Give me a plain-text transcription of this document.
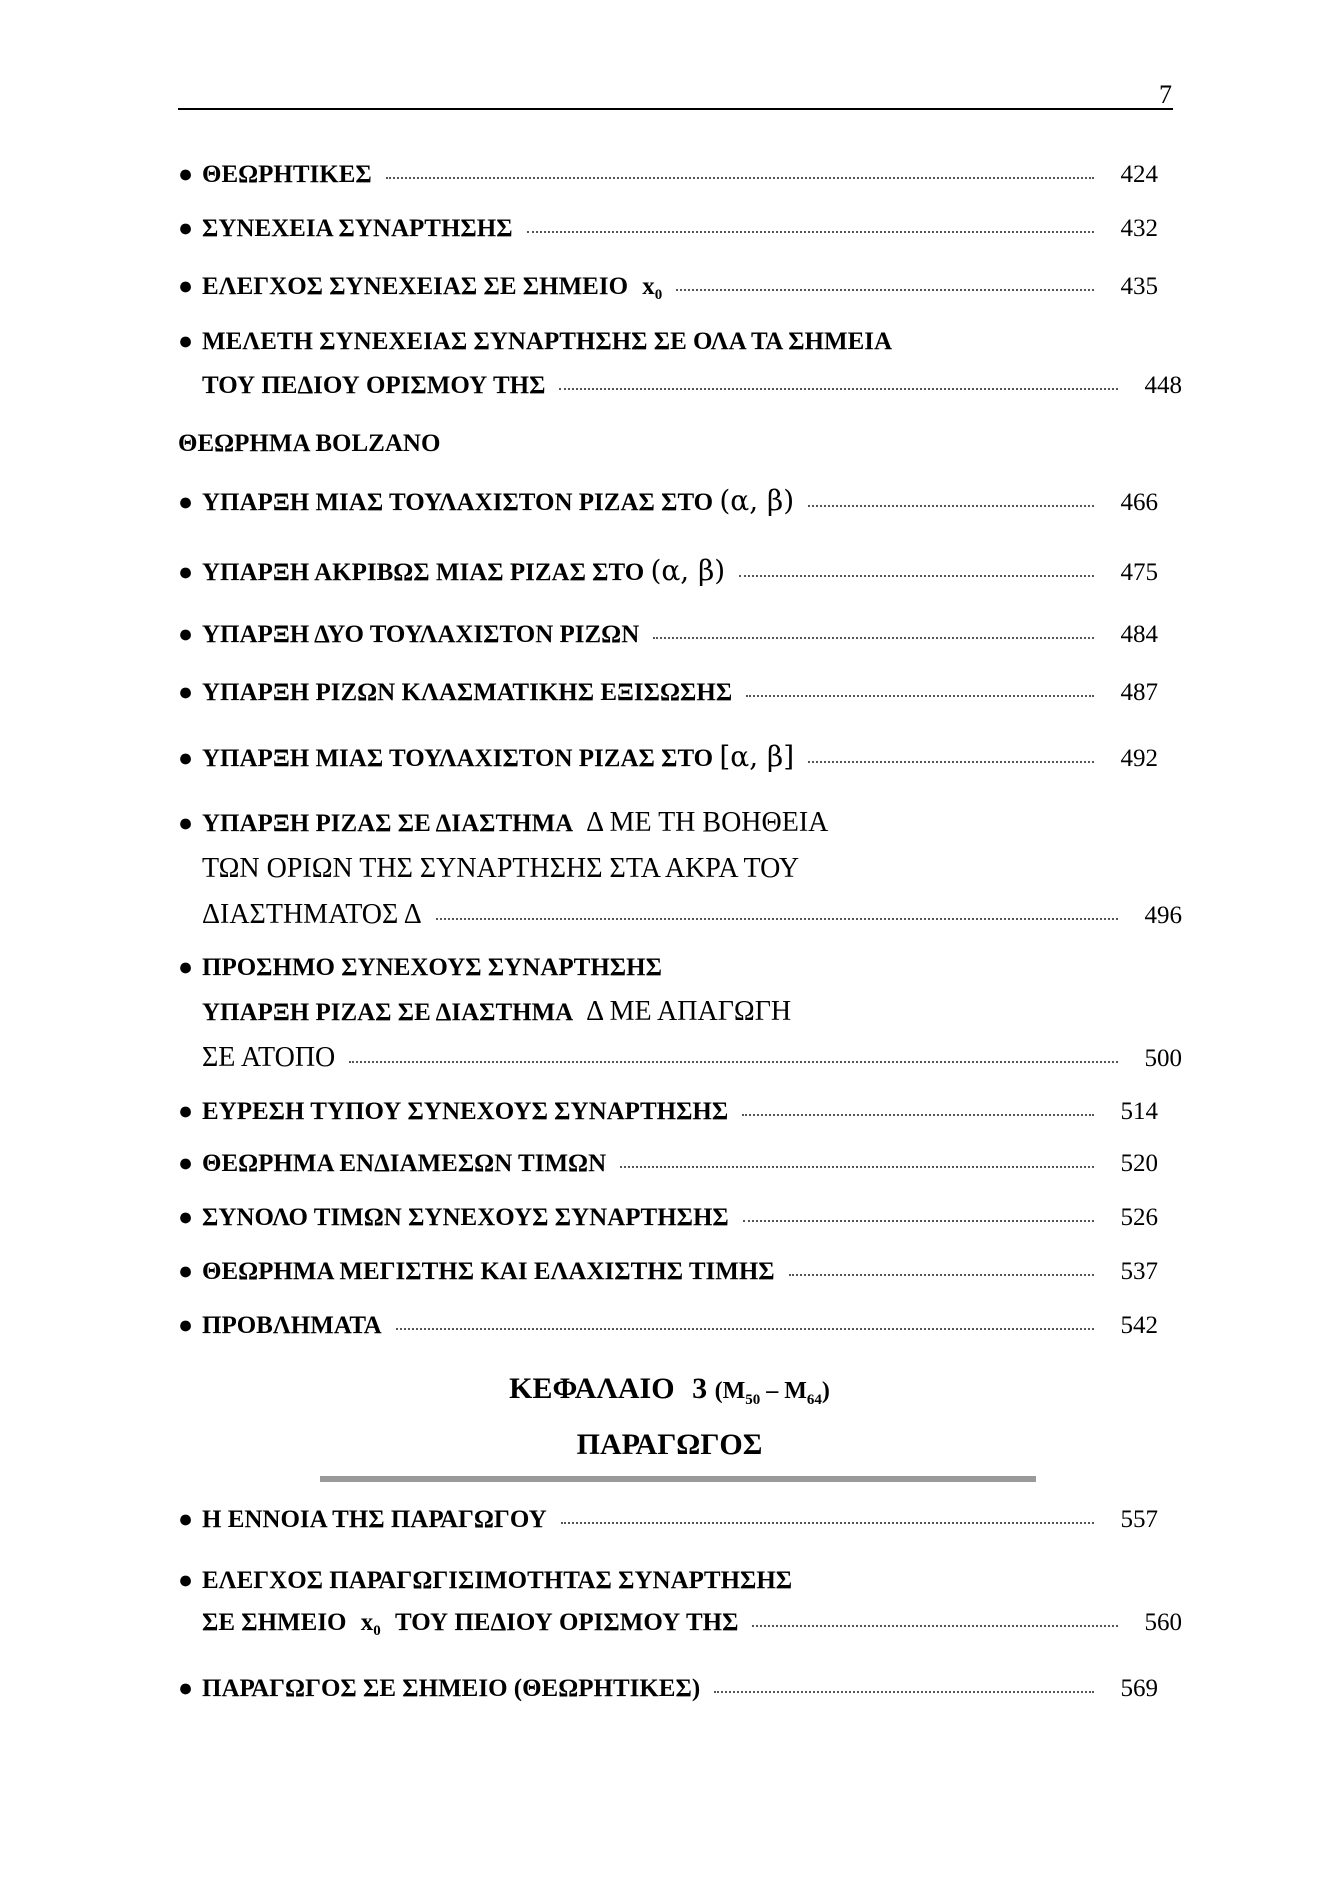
7
● ΘΕΩΡΗΤΙΚΕΣ	424
● ΣΥΝΕΧΕΙΑ ΣΥΝΑΡΤΗΣΗΣ	432
● ΕΛΕΓΧΟΣ ΣΥΝΕΧΕΙΑΣ ΣΕ ΣΗΜΕΙΟ $x_0$	435
● ΜΕΛΕΤΗ ΣΥΝΕΧΕΙΑΣ ΣΥΝΑΡΤΗΣΗΣ ΣΕ ΟΛΑ ΤΑ ΣΗΜΕΙΑ
ΤΟΥ ΠΕΔΙΟΥ ΟΡΙΣΜΟΥ ΤΗΣ	448
ΘΕΩΡΗΜΑ BOLZANO
● ΥΠΑΡΞΗ ΜΙΑΣ ΤΟΥΛΑΧΙΣΤΟΝ ΡΙΖΑΣ ΣΤΟ (α, β)	466
● ΥΠΑΡΞΗ ΑΚΡΙΒΩΣ ΜΙΑΣ ΡΙΖΑΣ ΣΤΟ (α, β)	475
● ΥΠΑΡΞΗ ΔΥΟ ΤΟΥΛΑΧΙΣΤΟΝ ΡΙΖΩΝ	484
● ΥΠΑΡΞΗ ΡΙΖΩΝ ΚΛΑΣΜΑΤΙΚΗΣ ΕΞΙΣΩΣΗΣ	487
● ΥΠΑΡΞΗ ΜΙΑΣ ΤΟΥΛΑΧΙΣΤΟΝ ΡΙΖΑΣ ΣΤΟ [α, β]	492
● ΥΠΑΡΞΗ ΡΙΖΑΣ ΣΕ ΔΙΑΣΤΗΜΑ Δ ΜΕ ΤΗ ΒΟΗΘΕΙΑ
ΤΩΝ ΟΡΙΩΝ ΤΗΣ ΣΥΝΑΡΤΗΣΗΣ ΣΤΑ ΑΚΡΑ ΤΟΥ
ΔΙΑΣΤΗΜΑΤΟΣ Δ	496
● ΠΡΟΣΗΜΟ ΣΥΝΕΧΟΥΣ ΣΥΝΑΡΤΗΣΗΣ
ΥΠΑΡΞΗ ΡΙΖΑΣ ΣΕ ΔΙΑΣΤΗΜΑ Δ ΜΕ ΑΠΑΓΩΓΗ
ΣΕ ΑΤΟΠΟ	500
● ΕΥΡΕΣΗ ΤΥΠΟΥ ΣΥΝΕΧΟΥΣ ΣΥΝΑΡΤΗΣΗΣ	514
● ΘΕΩΡΗΜΑ ΕΝΔΙΑΜΕΣΩΝ ΤΙΜΩΝ	520
● ΣΥΝΟΛΟ ΤΙΜΩΝ ΣΥΝΕΧΟΥΣ ΣΥΝΑΡΤΗΣΗΣ	526
● ΘΕΩΡΗΜΑ ΜΕΓΙΣΤΗΣ ΚΑΙ ΕΛΑΧΙΣΤΗΣ ΤΙΜΗΣ	537
● ΠΡΟΒΛΗΜΑΤΑ	542
ΚΕΦΑΛΑΙΟ 3 $(M_{50} - M_{64})$
ΠΑΡΑΓΩΓΟΣ
● Η ΕΝΝΟΙΑ ΤΗΣ ΠΑΡΑΓΩΓΟΥ	557
● ΕΛΕΓΧΟΣ ΠΑΡΑΓΩΓΙΣΙΜΟΤΗΤΑΣ ΣΥΝΑΡΤΗΣΗΣ
ΣΕ ΣΗΜΕΙΟ $x_0$ ΤΟΥ ΠΕΔΙΟΥ ΟΡΙΣΜΟΥ ΤΗΣ	560
● ΠΑΡΑΓΩΓΟΣ ΣΕ ΣΗΜΕΙΟ (ΘΕΩΡΗΤΙΚΕΣ)	569
